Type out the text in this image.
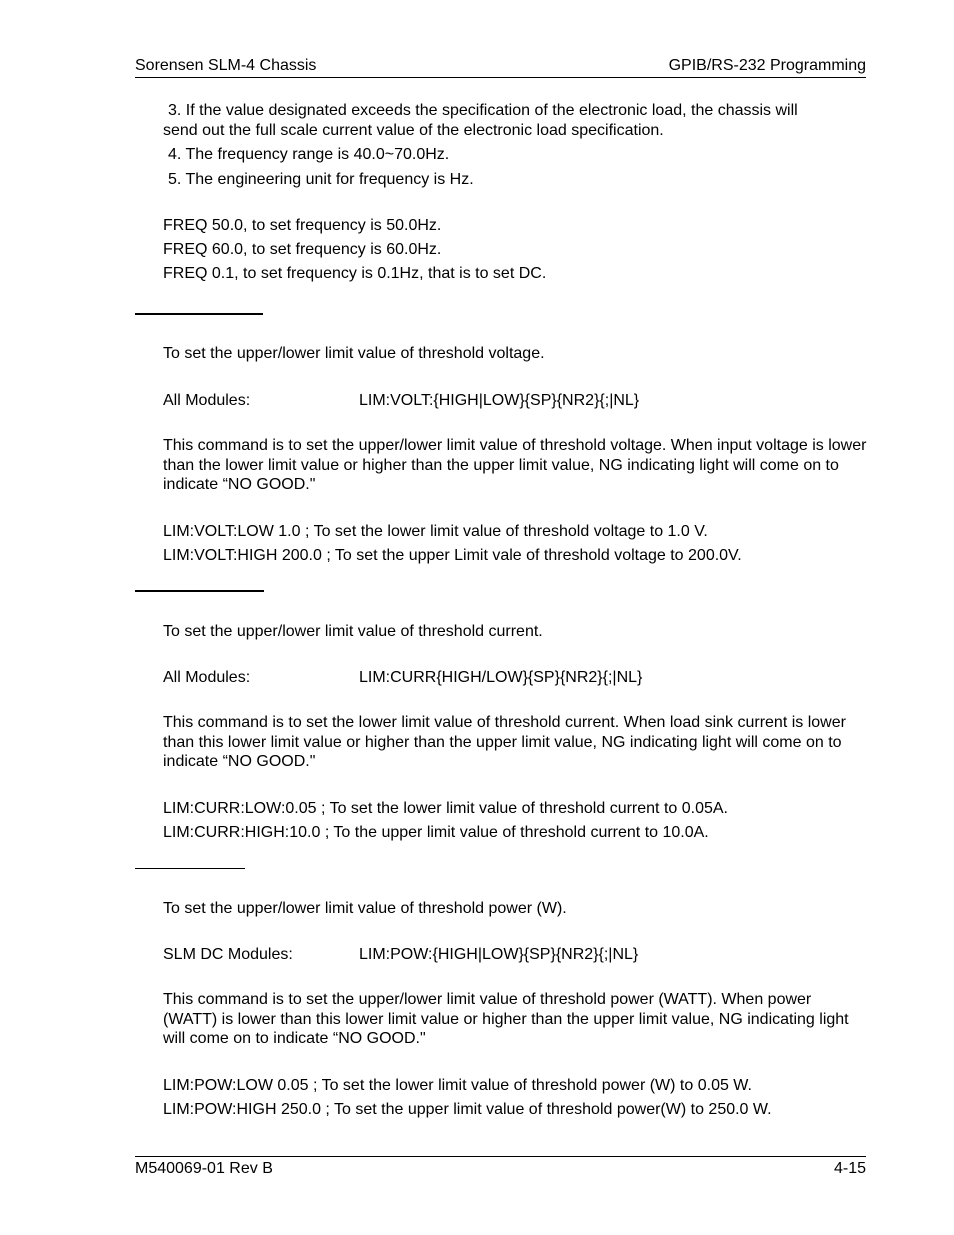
Sorensen SLM-4 Chassis	GPIB/RS-232 Programming
3. If the value designated exceeds the specification of the electronic load, the chassis will
send out the full scale current value of the electronic load specification.
4. The frequency range is 40.0~70.0Hz.
5. The engineering unit for frequency is Hz.
FREQ 50.0, to set frequency is 50.0Hz.
FREQ 60.0, to set frequency is 60.0Hz.
FREQ 0.1, to set frequency is 0.1Hz, that is to set DC.
To set the upper/lower limit value of threshold voltage.
All Modules:	LIM:VOLT:{HIGH|LOW}{SP}{NR2}{;|NL}
This command is to set the upper/lower limit value of threshold voltage. When input voltage is lower than the lower limit value or higher than the upper limit value, NG indicating light will come on to indicate “NO GOOD."
LIM:VOLT:LOW 1.0 ; To set the lower limit value of threshold voltage to 1.0 V.
LIM:VOLT:HIGH 200.0 ; To set the upper Limit vale of threshold voltage to 200.0V.
To set the upper/lower limit value of threshold current.
All Modules:	LIM:CURR{HIGH/LOW}{SP}{NR2}{;|NL}
This command is to set the lower limit value of threshold current. When load sink current is lower than this lower limit value or higher than the upper limit value, NG indicating light will come on to indicate “NO GOOD."
LIM:CURR:LOW:0.05 ; To set the lower limit value of threshold current to 0.05A.
LIM:CURR:HIGH:10.0 ; To the upper limit value of threshold current to 10.0A.
To set the upper/lower limit value of threshold power (W).
SLM DC Modules:	LIM:POW:{HIGH|LOW}{SP}{NR2}{;|NL}
This command is to set the upper/lower limit value of threshold power (WATT). When power (WATT) is lower than this lower limit value or higher than the upper limit value, NG indicating light will come on to indicate “NO GOOD."
LIM:POW:LOW 0.05 ; To set the lower limit value of threshold power (W) to 0.05 W.
LIM:POW:HIGH 250.0 ; To set the upper limit value of threshold power(W) to 250.0 W.
M540069-01 Rev B	4-15
